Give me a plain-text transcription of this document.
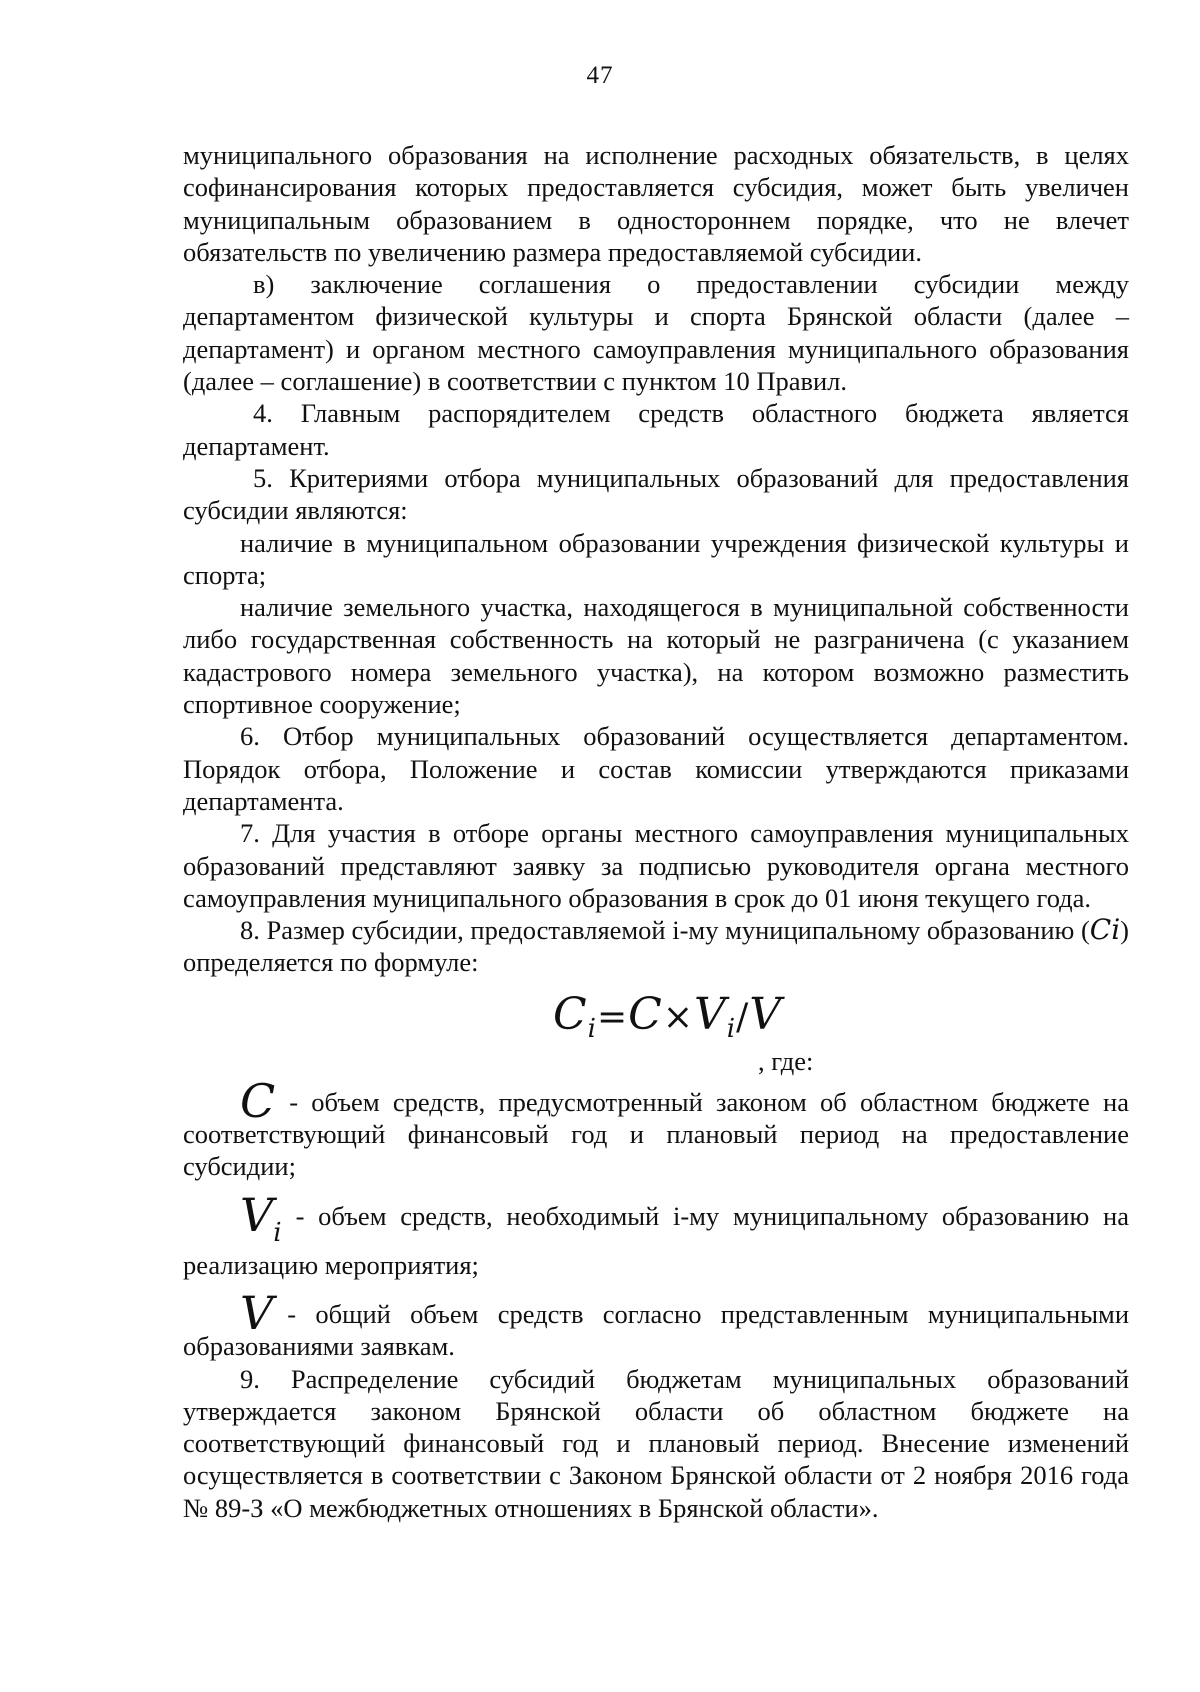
47

муниципального образования на исполнение расходных обязательств, в целях софинансирования которых предоставляется субсидия, может быть увеличен муниципальным образованием в одностороннем порядке, что не влечет обязательств по увеличению размера предоставляемой субсидии.

в) заключение соглашения о предоставлении субсидии между департаментом физической культуры и спорта Брянской области (далее – департамент) и органом местного самоуправления муниципального образования (далее – соглашение) в соответствии с пунктом 10 Правил.

4. Главным распорядителем средств областного бюджета является департамент.

5. Критериями отбора муниципальных образований для предоставления субсидии являются:

наличие в муниципальном образовании учреждения физической культуры и спорта;

наличие земельного участка, находящегося в муниципальной собственности либо государственная собственность на который не разграничена (с указанием кадастрового номера земельного участка), на котором возможно разместить спортивное сооружение;

6. Отбор муниципальных образований осуществляется департаментом. Порядок отбора, Положение и состав комиссии утверждаются приказами департамента.

7. Для участия в отборе органы местного самоуправления муниципальных образований представляют заявку за подписью руководителя органа местного самоуправления муниципального образования в срок до 01 июня текущего года.

8. Размер субсидии, предоставляемой i-му муниципальному образованию (Ci) определяется по формуле:

$C_i=C\times V_i/V$
, где:

C - объем средств, предусмотренный законом об областном бюджете на соответствующий финансовый год и плановый период на предоставление субсидии;

$V_i-$ объем средств, необходимый i-му муниципальному образованию на реализацию мероприятия;

V - общий объем средств согласно представленным муниципальными образованиями заявкам.

9. Распределение субсидий бюджетам муниципальных образований утверждается законом Брянской области об областном бюджете на соответствующий финансовый год и плановый период. Внесение изменений осуществляется в соответствии с Законом Брянской области от 2 ноября 2016 года № 89-З «О межбюджетных отношениях в Брянской области».
